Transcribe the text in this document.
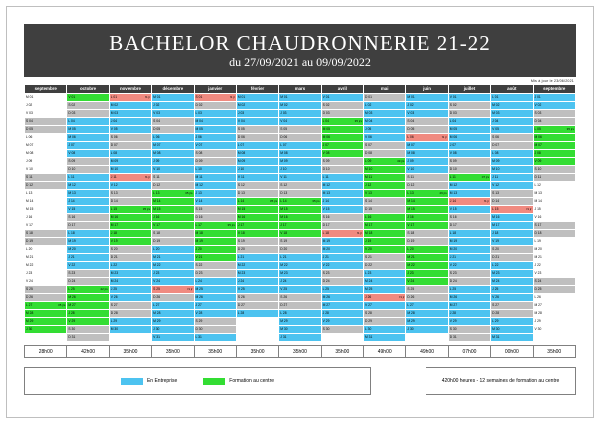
BACHELOR CHAUDRONNERIE 21-22
du 27/09/2021 au 09/09/2022
Mis à jour le 23/06/2021
septembre	octobre	novembre	décembre	janvier	février	mars	avril	mai	juin	juillet	août	septembre
M 01	V 01	L 01 f1 jr	M 01	S 01 f1 jr	M 01	M 01	V 01	D 01	M 01	V 01	L 01	J 01
J 02	S 02	M 02	J 02	D 02	M 02	M 02	S 02	L 02	J 02	S 02	M 02	V 02
V 03	D 03	M 03	V 03	L 03	J 03	J 03	D 03	M 03	V 03	D 03	M 03	S 03
S 04	L 04	J 04	S 04	M 04	V 04	V 04	L 04 35 jrs	M 04	S 04	L 04	J 04	D 04
D 05	M 05	V 05	D 05	M 05	S 05	S 05	M 05	J 05	D 05	M 05	V 05	L 05 35 jrs

L 06	M 06	S 06	L 06	J 06	D 06	D 06	M 06	V 06	L 06 f1 jr	M 06	S 06	M 06
M 07	J 07	D 07	M 07	V 07	L 07	L 07	J 07	S 07	M 07	J 07	D 07	M 07
M 08	V 08	L 08	M 08	S 08	M 08	M 08	V 08	D 08	M 08	V 08	L 08	J 08
J 09	S 09	M 09	J 09	D 09	M 09	M 09	S 09	L 09 49 jrs	J 09	S 09	M 09	V 09
V 10	D 10	M 10	V 10	L 10	J 10	J 10	D 10	M 10	V 10	D 10	M 10	S 10
S 11	L 11	J 11 f1 jr	S 11	M 11	V 11	V 11	L 11	M 11	S 11	L 11 07 jrs	J 11	D 11
D 12	M 12	V 12	D 12	M 12	S 12	S 12	M 12	J 12	D 12	M 12	V 12	L 12
L 13	M 13	S 13	L 13 35 jrs	J 13	D 13	D 13	M 13	V 13	L 13 49 jrs	M 13	S 13	M 13
M 14	J 14	D 14	M 14	V 14	L 14 35 jrs	L 14 35 jrs	J 14	S 14	M 14	J 14 f1 jr	D 14	M 14
M 15	V 15	L 15 35 jrs	M 15	S 15	M 15	M 15	V 15	D 15	M 15	V 15	L 15 f1 jr	J 15
J 16	S 16	M 16	J 16	D 16	M 16	M 16	S 16	L 16	J 16	S 16	M 16	V 16
V 17	D 17	M 17	V 17	L 17 35 jrs	J 17	J 17	D 17	M 17	V 17	D 17	M 17	S 17
S 18	L 18	J 18	S 18	M 18	V 18	V 18	L 18 f1 jr	M 18	S 18	L 18	J 18	D 18
D 19	M 19	V 19	D 19	M 19	S 19	S 19	M 19	J 19	D 19	M 19	V 19	L 19
L 20	M 20	S 20	L 20	J 20	D 20	D 20	M 20	V 20	L 20	M 20	S 20	M 20
M 21	J 21	D 21	M 21	V 21	L 21	L 21	J 21	S 21	M 21	J 21	D 21	M 21
M 22	V 22	L 22	M 22	S 22	M 22	M 22	V 22	D 22	M 22	V 22	L 22	J 22
J 23	S 23	M 23	J 23	D 23	M 23	M 23	S 23	L 23	J 23	S 23	M 23	V 23
V 24	D 24	M 24	V 24	L 24	J 24	J 24	D 24	M 24	V 24	D 24	M 24	S 24
S 25	L 25 42 jrs	J 25	S 25 f1 jr	M 25	V 25	V 25	L 25	M 25	S 25	L 25	J 25	D 25
D 26	M 26	V 26	D 26	M 26	S 26	S 26	M 26	J 26 f1 jr	D 26	M 26	V 26	L 26
L 27 35 jrs	M 27	S 27	L 27	J 27	D 27	D 27	M 27	V 27	L 27	M 27	S 27	M 27
M 28	J 28	D 28	M 28	V 28	L 28	L 28	J 28	S 28	M 28	J 28	D 28	M 28
M 29	V 29	L 29	M 29	S 29		M 29	V 29	D 29	M 29	V 29	L 29	J 29
J 30	S 30	M 30	J 30	D 30		M 30	S 30	L 30	J 30	S 30	M 30	V 30
	D 31		V 31	L 31		J 31		M 31		D 31	M 31	
28h00	42h00	35h00	35h00	35h00	35h00	35h00	35h00	49h00	49h00	07h00	00h00	35h00
En Entreprise	Formation au centre	420h00 heures - 12 semaines de formation au centre
